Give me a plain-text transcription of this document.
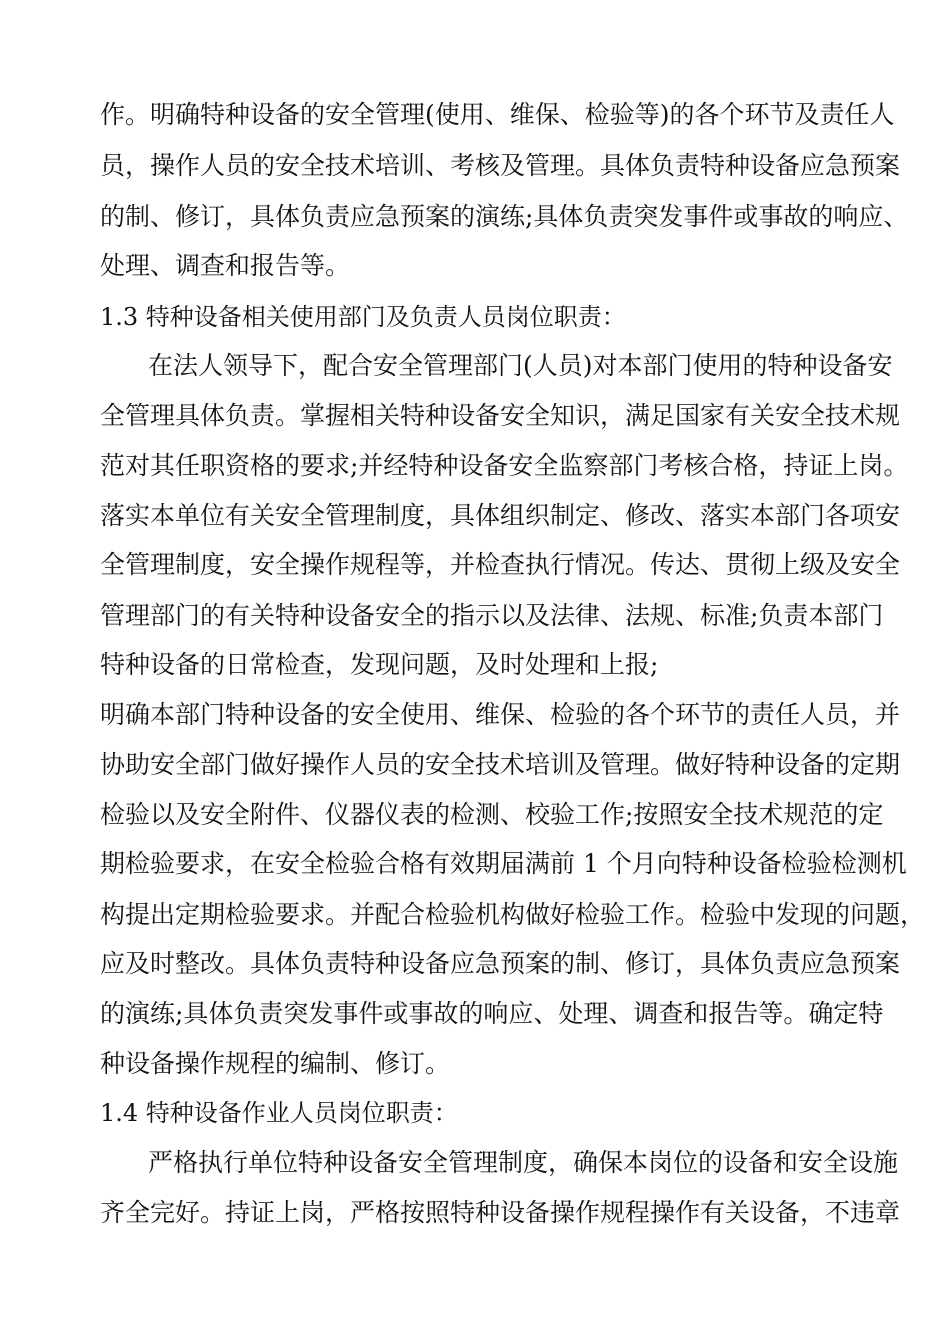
作。明确特种设备的安全管理(使用、维保、检验等)的各个环节及责任人
员，操作人员的安全技术培训、考核及管理。具体负责特种设备应急预案
的制、修订，具体负责应急预案的演练;具体负责突发事件或事故的响应、
处理、调查和报告等。
1.3 特种设备相关使用部门及负责人员岗位职责：
在法人领导下，配合安全管理部门(人员)对本部门使用的特种设备安
全管理具体负责。掌握相关特种设备安全知识，满足国家有关安全技术规
范对其任职资格的要求;并经特种设备安全监察部门考核合格，持证上岗。
落实本单位有关安全管理制度，具体组织制定、修改、落实本部门各项安
全管理制度，安全操作规程等，并检查执行情况。传达、贯彻上级及安全
管理部门的有关特种设备安全的指示以及法律、法规、标准;负责本部门
特种设备的日常检查，发现问题，及时处理和上报;
明确本部门特种设备的安全使用、维保、检验的各个环节的责任人员，并
协助安全部门做好操作人员的安全技术培训及管理。做好特种设备的定期
检验以及安全附件、仪器仪表的检测、校验工作;按照安全技术规范的定
期检验要求，在安全检验合格有效期届满前 1 个月向特种设备检验检测机
构提出定期检验要求。并配合检验机构做好检验工作。检验中发现的问题，
应及时整改。具体负责特种设备应急预案的制、修订，具体负责应急预案
的演练;具体负责突发事件或事故的响应、处理、调查和报告等。确定特
种设备操作规程的编制、修订。
1.4 特种设备作业人员岗位职责：
严格执行单位特种设备安全管理制度，确保本岗位的设备和安全设施
齐全完好。持证上岗，严格按照特种设备操作规程操作有关设备，不违章
